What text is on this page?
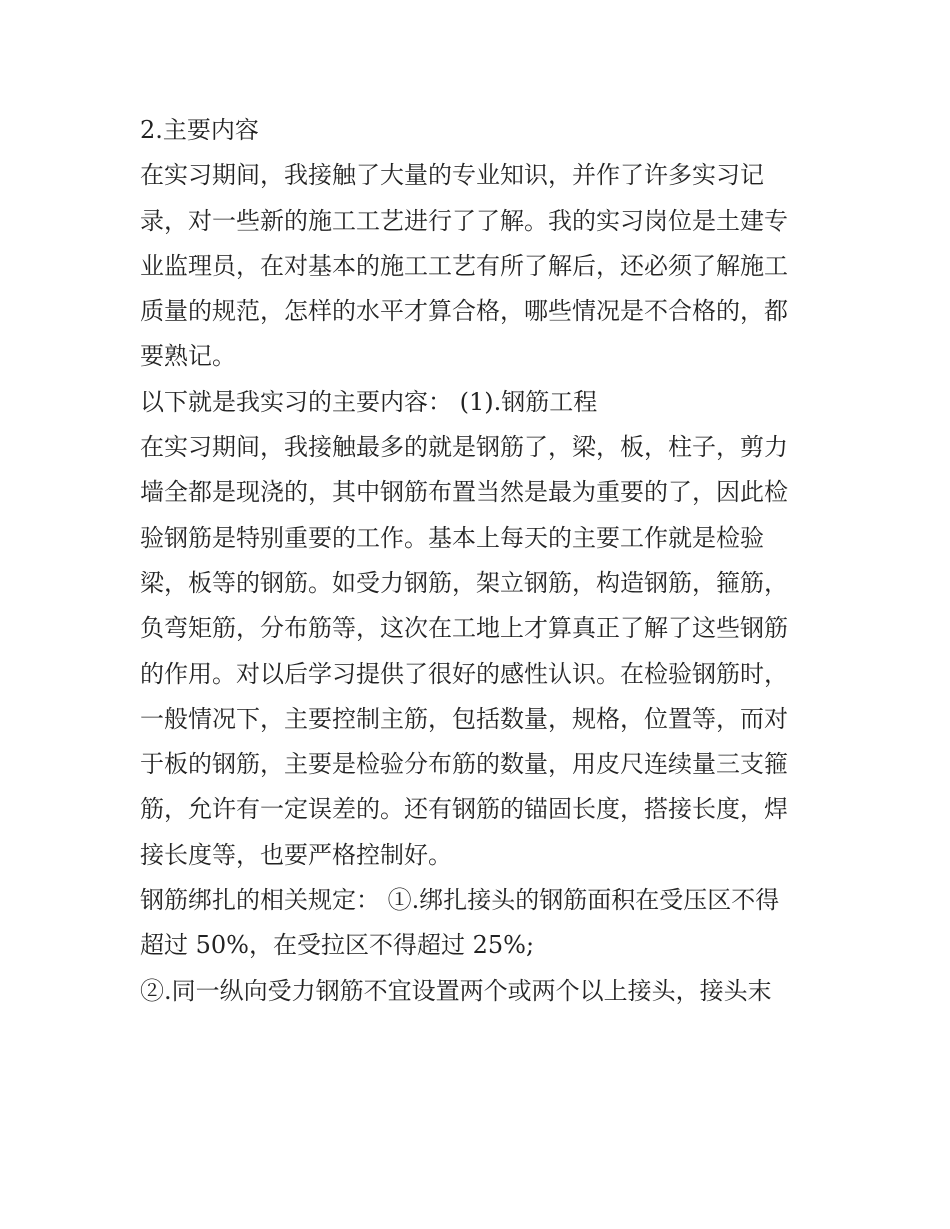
2.主要内容
在实习期间，我接触了大量的专业知识，并作了许多实习记
录，对一些新的施工工艺进行了了解。我的实习岗位是土建专
业监理员，在对基本的施工工艺有所了解后，还必须了解施工
质量的规范，怎样的水平才算合格，哪些情况是不合格的，都
要熟记。
以下就是我实习的主要内容： (1).钢筋工程
在实习期间，我接触最多的就是钢筋了，梁，板，柱子，剪力
墙全都是现浇的，其中钢筋布置当然是最为重要的了，因此检
验钢筋是特别重要的工作。基本上每天的主要工作就是检验
梁，板等的钢筋。如受力钢筋，架立钢筋，构造钢筋，箍筋，
负弯矩筋，分布筋等，这次在工地上才算真正了解了这些钢筋
的作用。对以后学习提供了很好的感性认识。在检验钢筋时，
一般情况下，主要控制主筋，包括数量，规格，位置等，而对
于板的钢筋，主要是检验分布筋的数量，用皮尺连续量三支箍
筋，允许有一定误差的。还有钢筋的锚固长度，搭接长度，焊
接长度等，也要严格控制好。
钢筋绑扎的相关规定： ①.绑扎接头的钢筋面积在受压区不得
超过 50%，在受拉区不得超过 25%;
②.同一纵向受力钢筋不宜设置两个或两个以上接头，接头末
